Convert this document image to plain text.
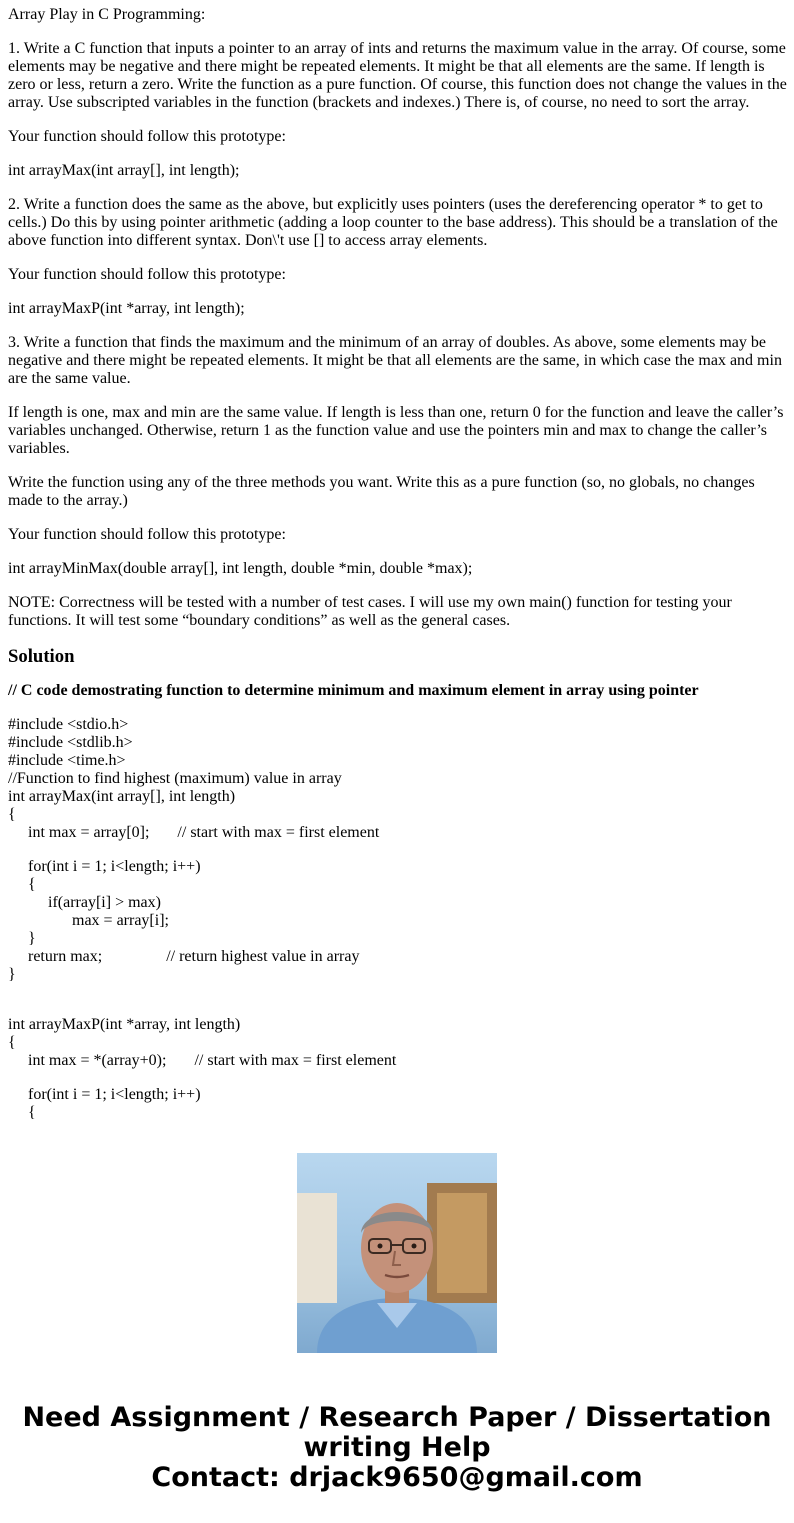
Array Play in C Programming:

1. Write a C function that inputs a pointer to an array of ints and returns the maximum value in the array. Of course, some elements may be negative and there might be repeated elements. It might be that all elements are the same. If length is zero or less, return a zero. Write the function as a pure function. Of course, this function does not change the values in the array. Use subscripted variables in the function (brackets and indexes.) There is, of course, no need to sort the array.

Your function should follow this prototype:

int arrayMax(int array[], int length);

2. Write a function does the same as the above, but explicitly uses pointers (uses the dereferencing operator * to get to cells.) Do this by using pointer arithmetic (adding a loop counter to the base address). This should be a translation of the above function into different syntax. Don\'t use [] to access array elements.

Your function should follow this prototype:

int arrayMaxP(int *array, int length);

3. Write a function that finds the maximum and the minimum of an array of doubles. As above, some elements may be negative and there might be repeated elements. It might be that all elements are the same, in which case the max and min are the same value.

If length is one, max and min are the same value. If length is less than one, return 0 for the function and leave the caller’s variables unchanged. Otherwise, return 1 as the function value and use the pointers min and max to change the caller’s variables.

Write the function using any of the three methods you want. Write this as a pure function (so, no globals, no changes made to the array.)

Your function should follow this prototype:

int arrayMinMax(double array[], int length, double *min, double *max);

NOTE: Correctness will be tested with a number of test cases. I will use my own main() function for testing your functions. It will test some “boundary conditions” as well as the general cases.

Solution
// C code demostrating function to determine minimum and maximum element in array using pointer
#include <stdio.h>
#include <stdlib.h>
#include <time.h>
//Function to find highest (maximum) value in array
int arrayMax(int array[], int length)
{
int max = array[0]; // start with max = first element
for(int i = 1; i<length; i++)
{
if(array[i] > max)
max = array[i];
}
return max;	// return highest value in array
}
int arrayMaxP(int *array, int length)
{
int max = *(array+0); // start with max = first element
for(int i = 1; i<length; i++)
{
Need Assignment / Research Paper / Dissertation
writing Help
Contact: drjack9650@gmail.com
